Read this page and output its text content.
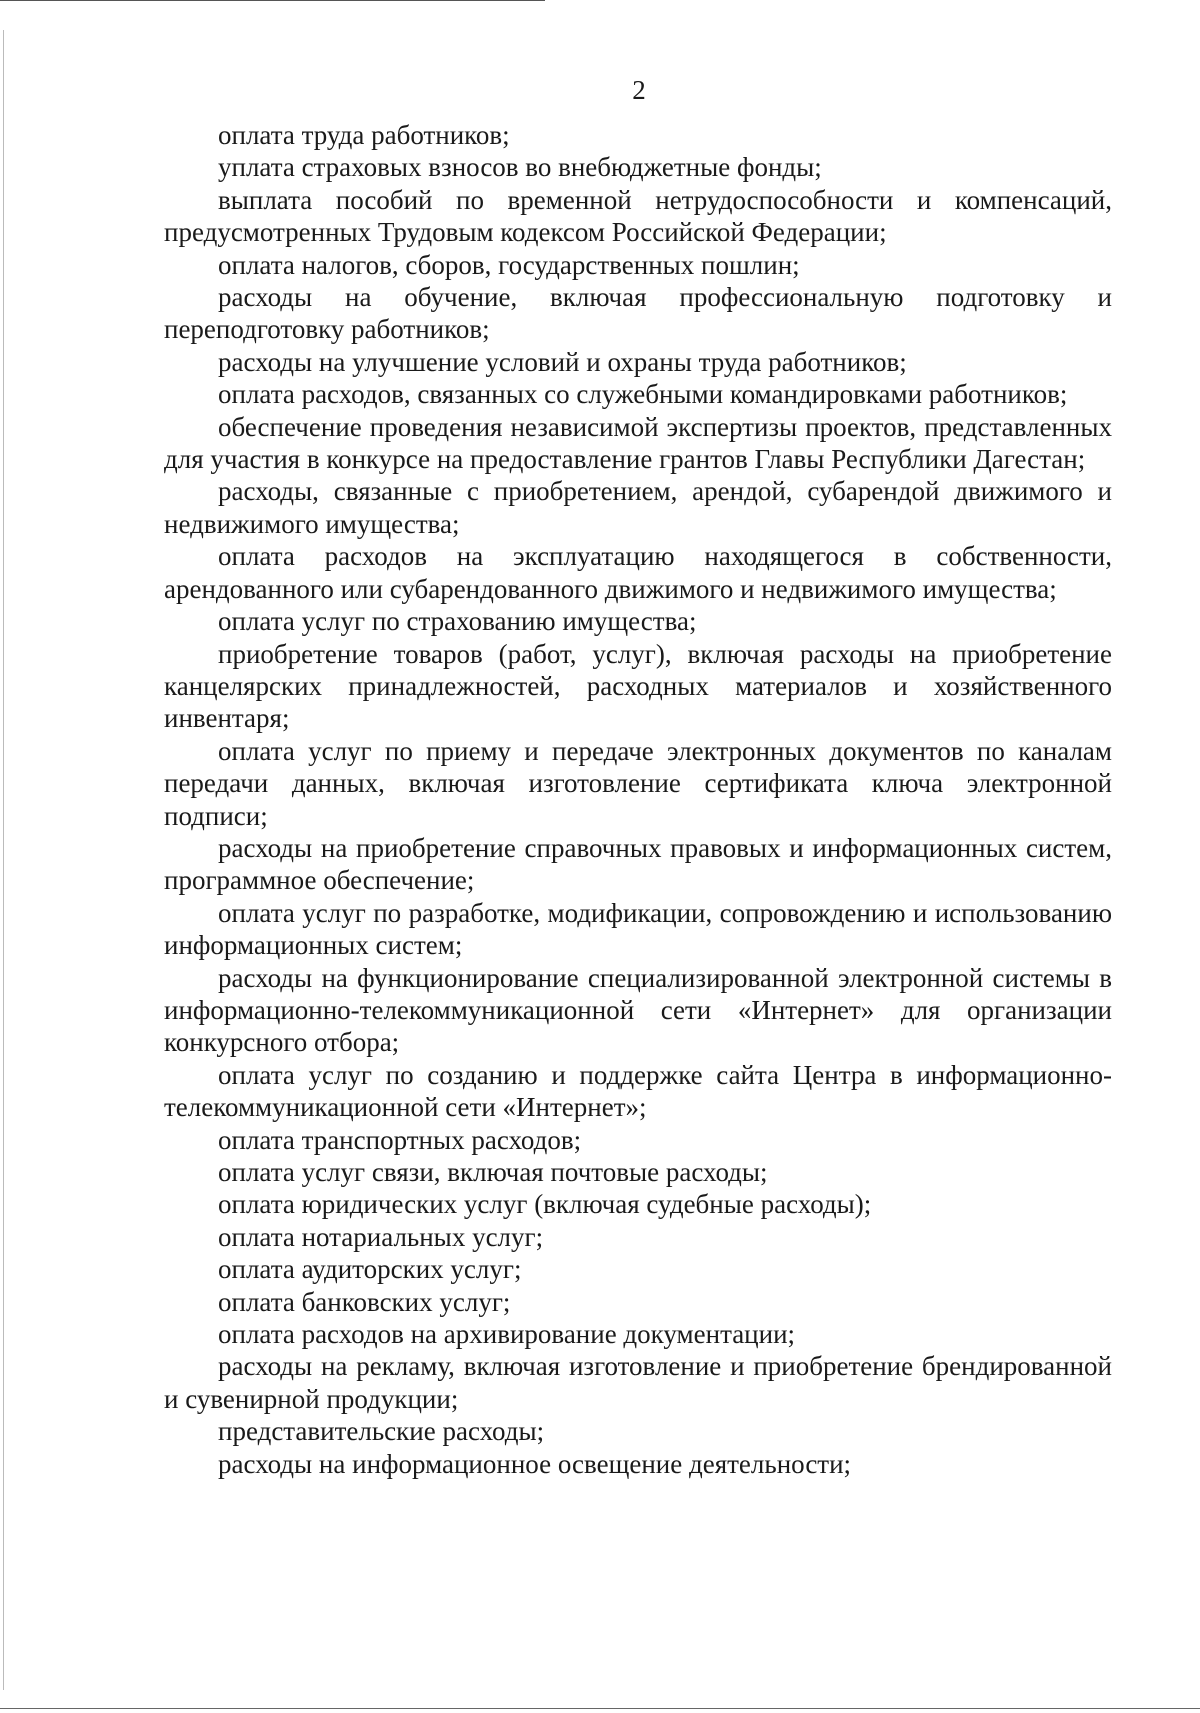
2

оплата труда работников;

уплата страховых взносов во внебюджетные фонды;

выплата пособий по временной нетрудоспособности и компенсаций, предусмотренных Трудовым кодексом Российской Федерации;

оплата налогов, сборов, государственных пошлин;

расходы на обучение, включая профессиональную подготовку и переподготовку работников;

расходы на улучшение условий и охраны труда работников;

оплата расходов, связанных со служебными командировками работников;

обеспечение проведения независимой экспертизы проектов, представленных для участия в конкурсе на предоставление грантов Главы Республики Дагестан;

расходы, связанные с приобретением, арендой, субарендой движимого и недвижимого имущества;

оплата расходов на эксплуатацию находящегося в собственности, арендованного или субарендованного движимого и недвижимого имущества;

оплата услуг по страхованию имущества;

приобретение товаров (работ, услуг), включая расходы на приобретение канцелярских принадлежностей, расходных материалов и хозяйственного инвентаря;

оплата услуг по приему и передаче электронных документов по каналам передачи данных, включая изготовление сертификата ключа электронной подписи;

расходы на приобретение справочных правовых и информационных систем, программное обеспечение;

оплата услуг по разработке, модификации, сопровождению и использованию информационных систем;

расходы на функционирование специализированной электронной системы в информационно-телекоммуникационной сети «Интернет» для организации конкурсного отбора;

оплата услуг по созданию и поддержке сайта Центра в информационно-телекоммуникационной сети «Интернет»;

оплата транспортных расходов;

оплата услуг связи, включая почтовые расходы;

оплата юридических услуг (включая судебные расходы);

оплата нотариальных услуг;

оплата аудиторских услуг;

оплата банковских услуг;

оплата расходов на архивирование документации;

расходы на рекламу, включая изготовление и приобретение брендированной и сувенирной продукции;

представительские расходы;

расходы на информационное освещение деятельности;
